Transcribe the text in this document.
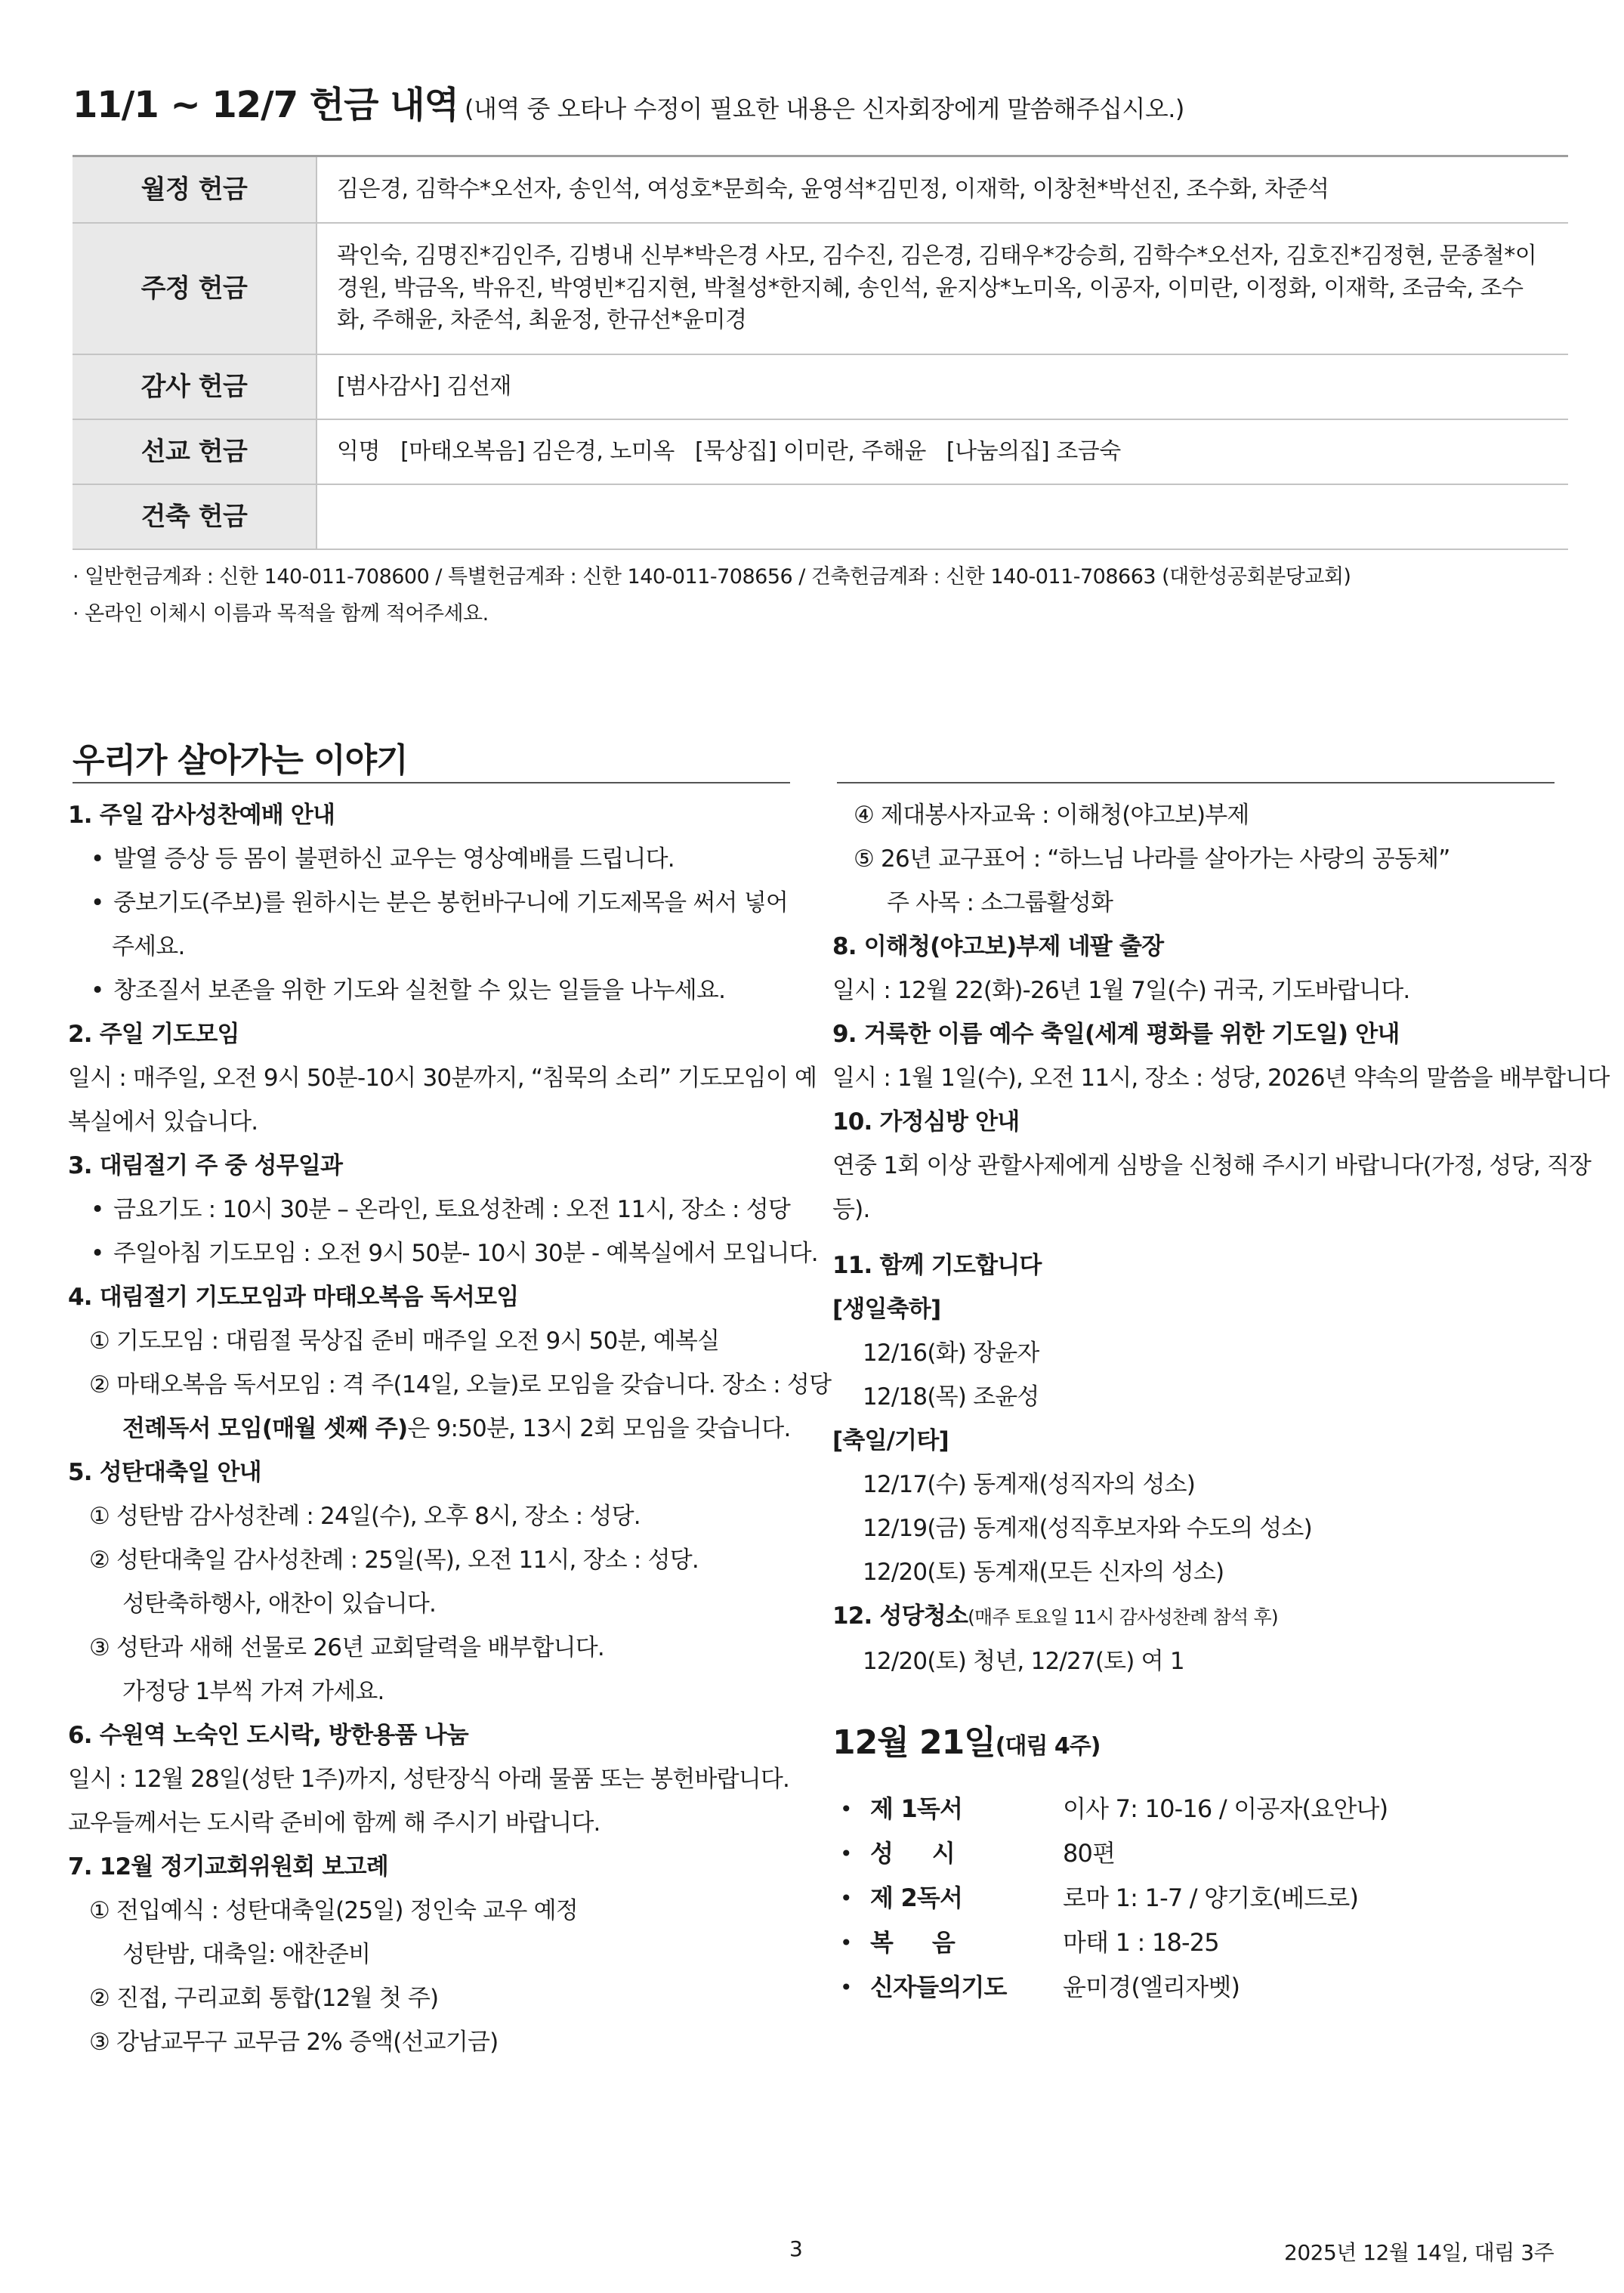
11/1 ~ 12/7 헌금 내역 (내역 중 오타나 수정이 필요한 내용은 신자회장에게 말씀해주십시오.)
월정 헌금	김은경, 김학수*오선자, 송인석, 여성호*문희숙, 윤영석*김민정, 이재학, 이창천*박선진, 조수화, 차준석
주정 헌금	곽인숙, 김명진*김인주, 김병내 신부*박은경 사모, 김수진, 김은경, 김태우*강승희, 김학수*오선자, 김호진*김정현, 문종철*이경원, 박금옥, 박유진, 박영빈*김지현, 박철성*한지혜, 송인석, 윤지상*노미옥, 이공자, 이미란, 이정화, 이재학, 조금숙, 조수화, 주해윤, 차준석, 최윤정, 한규선*윤미경
감사 헌금	[범사감사] 김선재
선교 헌금	익명   [마태오복음] 김은경, 노미옥   [묵상집] 이미란, 주해윤   [나눔의집] 조금숙
건축 헌금	
· 일반헌금계좌 : 신한 140-011-708600 / 특별헌금계좌 : 신한 140-011-708656 / 건축헌금계좌 : 신한 140-011-708663 (대한성공회분당교회)
· 온라인 이체시 이름과 목적을 함께 적어주세요.
우리가 살아가는 이야기
1. 주일 감사성찬예배 안내
• 발열 증상 등 몸이 불편하신 교우는 영상예배를 드립니다.
• 중보기도(주보)를 원하시는 분은 봉헌바구니에 기도제목을 써서 넣어
주세요.
• 창조질서 보존을 위한 기도와 실천할 수 있는 일들을 나누세요.
2. 주일 기도모임
일시 : 매주일, 오전 9시 50분-10시 30분까지, “침묵의 소리” 기도모임이 예
복실에서 있습니다.
3. 대림절기 주 중 성무일과
• 금요기도 : 10시 30분 – 온라인, 토요성찬례 : 오전 11시, 장소 : 성당
• 주일아침 기도모임 : 오전 9시 50분- 10시 30분 - 예복실에서 모입니다.
4. 대림절기 기도모임과 마태오복음 독서모임
① 기도모임 : 대림절 묵상집 준비 매주일 오전 9시 50분, 예복실
② 마태오복음 독서모임 : 격 주(14일, 오늘)로 모임을 갖습니다. 장소 : 성당
전례독서 모임(매월 셋째 주)은 9:50분, 13시 2회 모임을 갖습니다.
5. 성탄대축일 안내
① 성탄밤 감사성찬례 : 24일(수), 오후 8시, 장소 : 성당.
② 성탄대축일 감사성찬례 : 25일(목), 오전 11시, 장소 : 성당.
성탄축하행사, 애찬이 있습니다.
③ 성탄과 새해 선물로 26년 교회달력을 배부합니다.
가정당 1부씩 가져 가세요.
6. 수원역 노숙인 도시락, 방한용품 나눔
일시 : 12월 28일(성탄 1주)까지, 성탄장식 아래 물품 또는 봉헌바랍니다.
교우들께서는 도시락 준비에 함께 해 주시기 바랍니다.
7. 12월 정기교회위원회 보고례
① 전입예식 : 성탄대축일(25일) 정인숙 교우 예정
성탄밤, 대축일: 애찬준비
② 진접, 구리교회 통합(12월 첫 주)
③ 강남교무구 교무금 2% 증액(선교기금)
④ 제대봉사자교육 : 이해청(야고보)부제
⑤ 26년 교구표어 : “하느님 나라를 살아가는 사랑의 공동체”
주 사목 : 소그룹활성화
8. 이해청(야고보)부제 네팔 출장
일시 : 12월 22(화)-26년 1월 7일(수) 귀국, 기도바랍니다.
9. 거룩한 이름 예수 축일(세계 평화를 위한 기도일) 안내
일시 : 1월 1일(수), 오전 11시, 장소 : 성당, 2026년 약속의 말씀을 배부합니다
10. 가정심방 안내
연중 1회 이상 관할사제에게 심방을 신청해 주시기 바랍니다(가정, 성당, 직장
등).
11. 함께 기도합니다
[생일축하]
12/16(화) 장윤자
12/18(목) 조윤성
[축일/기타]
12/17(수) 동계재(성직자의 성소)
12/19(금) 동계재(성직후보자와 수도의 성소)
12/20(토) 동계재(모든 신자의 성소)
12. 성당청소(매주 토요일 11시 감사성찬례 참석 후)
12/20(토) 청년, 12/27(토) 여 1
12월 21일(대림 4주)
•	제 1독서	이사 7: 10-16 / 이공자(요안나)
•	성     시	80편
•	제 2독서	로마 1: 1-7 / 양기호(베드로)
•	복     음	마태 1 : 18-25
•	신자들의기도	윤미경(엘리자벳)
3	2025년 12월 14일, 대림 3주
